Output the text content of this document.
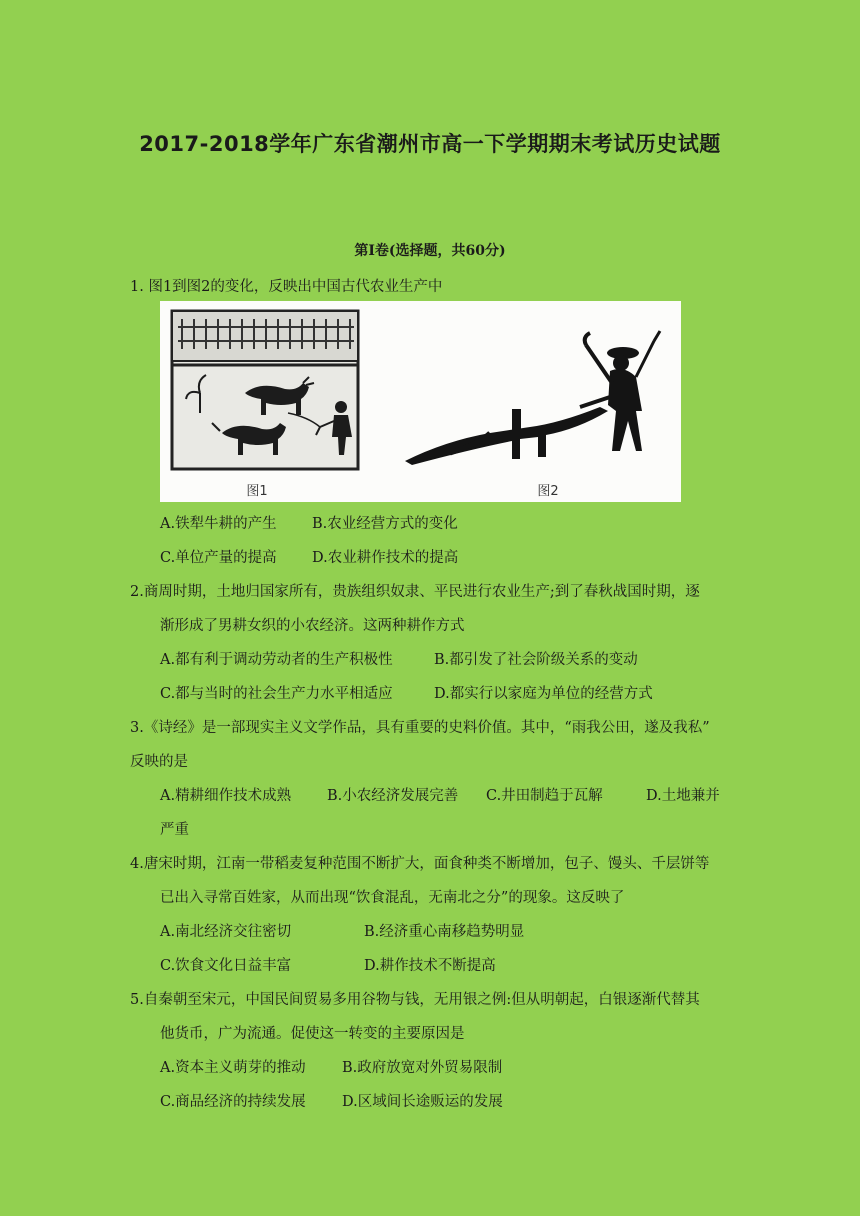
2017-2018学年广东省潮州市高一下学期期末考试历史试题
第Ⅰ卷(选择题，共60分)
1. 图1到图2的变化，反映出中国古代农业生产中
图1	图2
A.铁犁牛耕的产生 B.农业经营方式的变化
C.单位产量的提高 D.农业耕作技术的提高
2.商周时期，土地归国家所有，贵族组织奴隶、平民进行农业生产;到了春秋战国时期，逐
渐形成了男耕女织的小农经济。这两种耕作方式
A.都有利于调动劳动者的生产积极性	B.都引发了社会阶级关系的变动
C.都与当时的社会生产力水平相适应	D.都实行以家庭为单位的经营方式
3.《诗经》是一部现实主义文学作品，具有重要的史料价值。其中，“雨我公田，遂及我私”
反映的是
A.精耕细作技术成熟 B.小农经济发展完善 C.井田制趋于瓦解	D.土地兼并
严重
4.唐宋时期，江南一带稻麦复种范围不断扩大，面食种类不断增加，包子、馒头、千层饼等
已出入寻常百姓家，从而出现“饮食混乱，无南北之分”的现象。这反映了
A.南北经济交往密切	B.经济重心南移趋势明显
C.饮食文化日益丰富	D.耕作技术不断提高
5.自秦朝至宋元，中国民间贸易多用谷物与钱，无用银之例:但从明朝起，白银逐渐代替其
他货币，广为流通。促使这一转变的主要原因是
A.资本主义萌芽的推动	B.政府放宽对外贸易限制
C.商品经济的持续发展	D.区域间长途贩运的发展
